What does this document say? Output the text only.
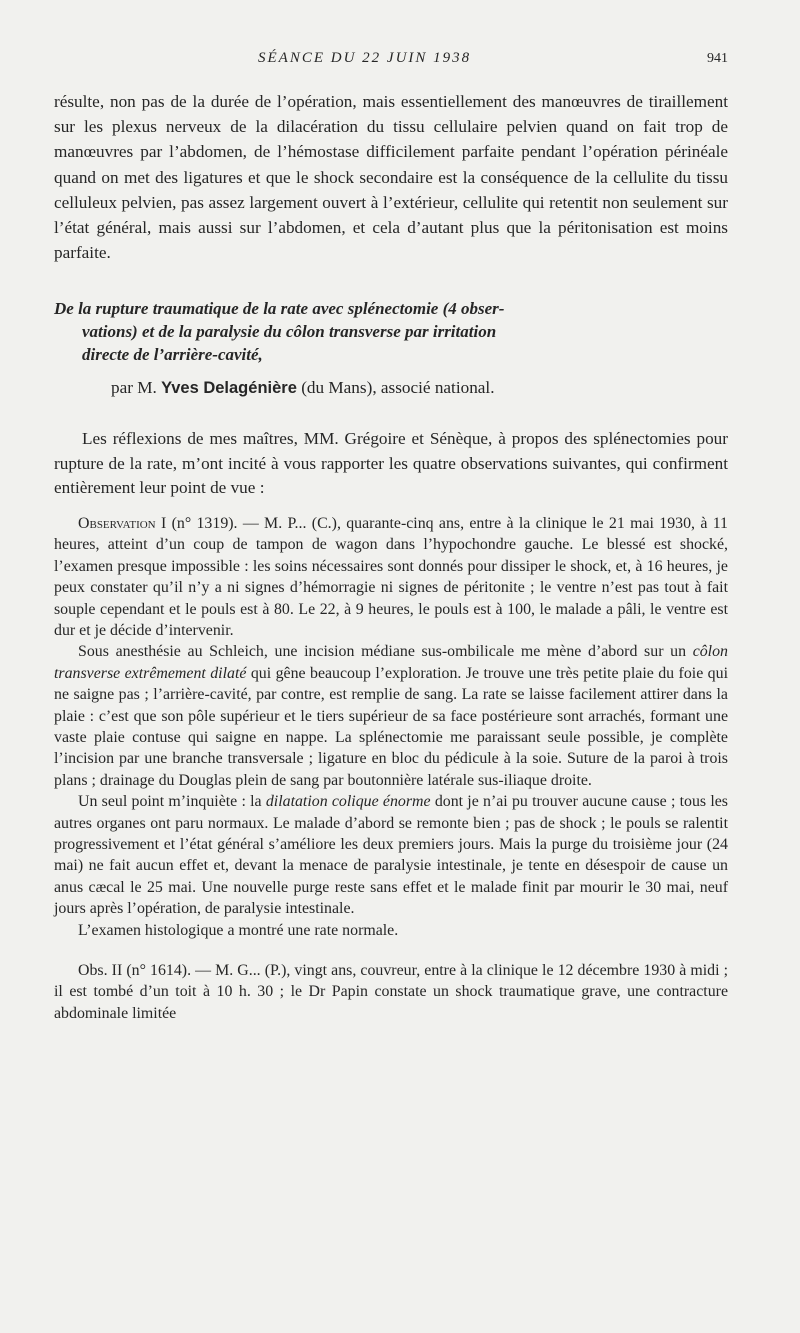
SÉANCE DU 22 JUIN 1938	941

résulte, non pas de la durée de l’opération, mais essentiellement des manœuvres de tiraillement sur les plexus nerveux de la dilacération du tissu cellulaire pelvien quand on fait trop de manœuvres par l’abdomen, de l’hémostase difficilement parfaite pendant l’opération périnéale quand on met des ligatures et que le shock secondaire est la conséquence de la cellulite du tissu celluleux pelvien, pas assez largement ouvert à l’extérieur, cellulite qui retentit non seulement sur l’état général, mais aussi sur l’abdomen, et cela d’autant plus que la péritonisation est moins parfaite.

De la rupture traumatique de la rate avec splénectomie (4 obser-
vations) et de la paralysie du côlon transverse par irritation
directe de l’arrière-cavité,

par M. Yves Delagénière (du Mans), associé national.

Les réflexions de mes maîtres, MM. Grégoire et Sénèque, à propos des splénectomies pour rupture de la rate, m’ont incité à vous rapporter les quatre observations suivantes, qui confirment entièrement leur point de vue :

Observation I (n° 1319). — M. P... (C.), quarante-cinq ans, entre à la clinique le 21 mai 1930, à 11 heures, atteint d’un coup de tampon de wagon dans l’hypochondre gauche. Le blessé est shocké, l’examen presque impossible : les soins nécessaires sont donnés pour dissiper le shock, et, à 16 heures, je peux constater qu’il n’y a ni signes d’hémorragie ni signes de péritonite ; le ventre n’est pas tout à fait souple cependant et le pouls est à 80. Le 22, à 9 heures, le pouls est à 100, le malade a pâli, le ventre est dur et je décide d’intervenir.

Sous anesthésie au Schleich, une incision médiane sus-ombilicale me mène d’abord sur un côlon transverse extrêmement dilaté qui gêne beaucoup l’exploration. Je trouve une très petite plaie du foie qui ne saigne pas ; l’arrière-cavité, par contre, est remplie de sang. La rate se laisse facilement attirer dans la plaie : c’est que son pôle supérieur et le tiers supérieur de sa face postérieure sont arrachés, formant une vaste plaie contuse qui saigne en nappe. La splénectomie me paraissant seule possible, je complète l’incision par une branche transversale ; ligature en bloc du pédicule à la soie. Suture de la paroi à trois plans ; drainage du Douglas plein de sang par boutonnière latérale sus-iliaque droite.

Un seul point m’inquiète : la dilatation colique énorme dont je n’ai pu trouver aucune cause ; tous les autres organes ont paru normaux. Le malade d’abord se remonte bien ; pas de shock ; le pouls se ralentit progressivement et l’état général s’améliore les deux premiers jours. Mais la purge du troisième jour (24 mai) ne fait aucun effet et, devant la menace de paralysie intestinale, je tente en désespoir de cause un anus cæcal le 25 mai. Une nouvelle purge reste sans effet et le malade finit par mourir le 30 mai, neuf jours après l’opération, de paralysie intestinale.

L’examen histologique a montré une rate normale.

Obs. II (n° 1614). — M. G... (P.), vingt ans, couvreur, entre à la clinique le 12 décembre 1930 à midi ; il est tombé d’un toit à 10 h. 30 ; le Dr Papin constate un shock traumatique grave, une contracture abdominale limitée
